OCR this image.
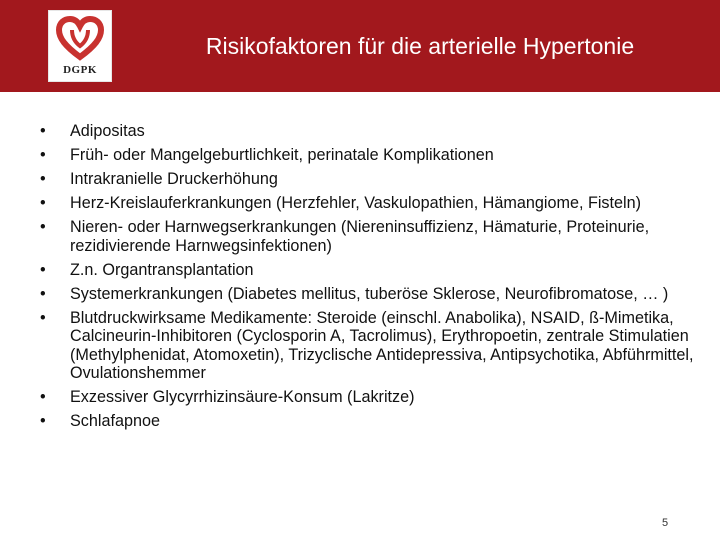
DGPK
Risikofaktoren für die arterielle Hypertonie
•	Adipositas
•	Früh- oder Mangelgeburtlichkeit, perinatale Komplikationen
•	Intrakranielle Druckerhöhung
•	Herz-Kreislauferkrankungen (Herzfehler, Vaskulopathien, Hämangiome, Fisteln)
•	Nieren- oder Harnwegserkrankungen (Niereninsuffizienz, Hämaturie, Proteinurie, rezidivierende Harnwegsinfektionen)
•	Z.n. Organtransplantation
•	Systemerkrankungen (Diabetes mellitus, tuberöse Sklerose, Neurofibromatose, … )
•	Blutdruckwirksame Medikamente: Steroide (einschl. Anabolika), NSAID, ß-Mimetika, Calcineurin-Inhibitoren (Cyclosporin A, Tacrolimus), Erythropoetin, zentrale Stimulatien (Methylphenidat, Atomoxetin), Trizyclische Antidepressiva, Antipsychotika, Abführmittel, Ovulationshemmer
•	Exzessiver Glycyrrhizinsäure-Konsum (Lakritze)
•	Schlafapnoe
5
